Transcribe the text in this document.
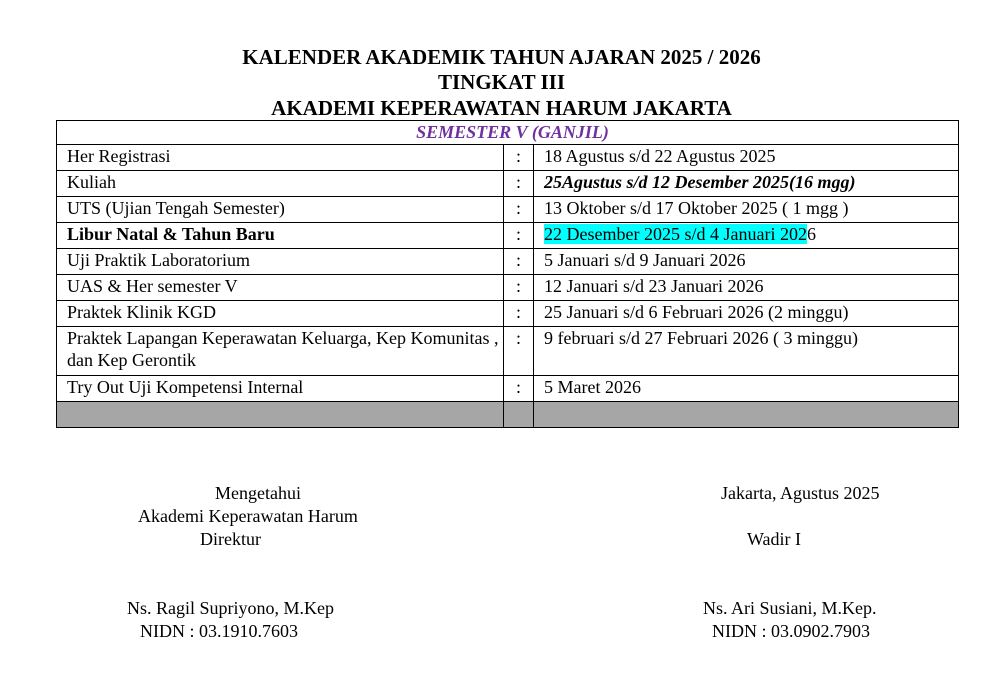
KALENDER AKADEMIK TAHUN AJARAN 2025 / 2026
TINGKAT III
AKADEMI KEPERAWATAN HARUM JAKARTA
SEMESTER V (GANJIL)		
Her Registrasi	:	18 Agustus s/d 22 Agustus 2025
Kuliah	:	25Agustus s/d 12 Desember 2025(16 mgg)
UTS (Ujian Tengah Semester)	:	13 Oktober s/d 17 Oktober 2025 ( 1 mgg )
Libur Natal & Tahun Baru	:	22 Desember 2025 s/d 4 Januari 2026
Uji Praktik Laboratorium	:	5 Januari s/d 9 Januari 2026
UAS & Her semester V	:	12 Januari s/d 23 Januari 2026
Praktek Klinik KGD	:	25 Januari s/d 6 Februari 2026 (2 minggu)
Praktek Lapangan Keperawatan Keluarga, Kep Komunitas , dan Kep Gerontik	:	9 februari s/d 27 Februari 2026 ( 3 minggu)
Try Out Uji Kompetensi Internal	:	5 Maret 2026

Mengetahui
Akademi Keperawatan Harum
Direktur
Ns. Ragil Supriyono, M.Kep
NIDN : 03.1910.7603
Jakarta, Agustus 2025
Wadir I
Ns. Ari Susiani, M.Kep.
NIDN : 03.0902.7903
